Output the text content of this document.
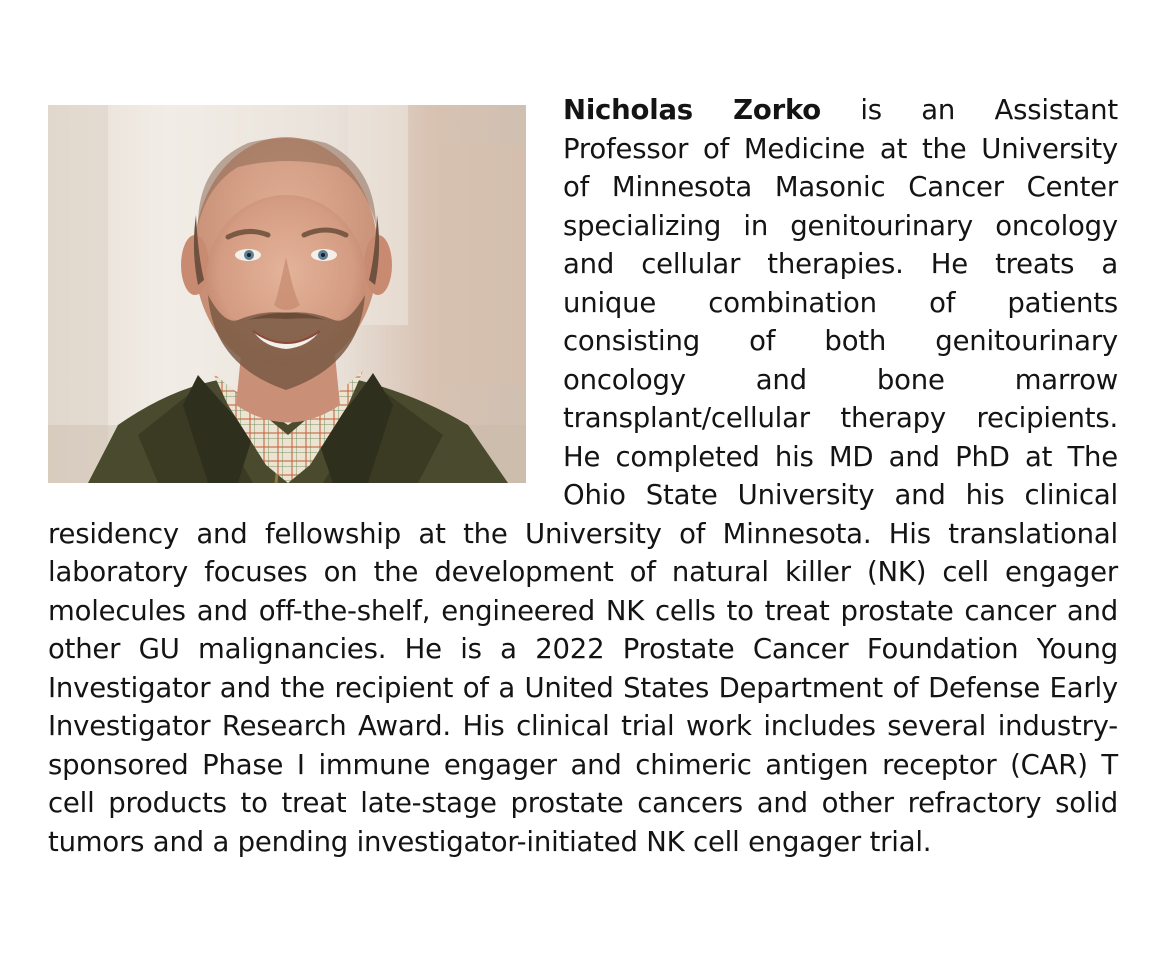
Nicholas Zorko is an Assistant Professor of Medicine at the University of Minnesota Masonic Cancer Center specializing in genitourinary oncology and cellular therapies. He treats a unique combination of patients consisting of both genitourinary oncology and bone marrow transplant/cellular therapy recipients. He completed his MD and PhD at The Ohio State University and his clinical residency and fellowship at the University of Minnesota. His translational laboratory focuses on the development of natural killer (NK) cell engager molecules and off-the-shelf, engineered NK cells to treat prostate cancer and other GU malignancies. He is a 2022 Prostate Cancer Foundation Young Investigator and the recipient of a United States Department of Defense Early Investigator Research Award. His clinical trial work includes several industry-sponsored Phase I immune engager and chimeric antigen receptor (CAR) T cell products to treat late-stage prostate cancers and other refractory solid tumors and a pending investigator-initiated NK cell engager trial.
